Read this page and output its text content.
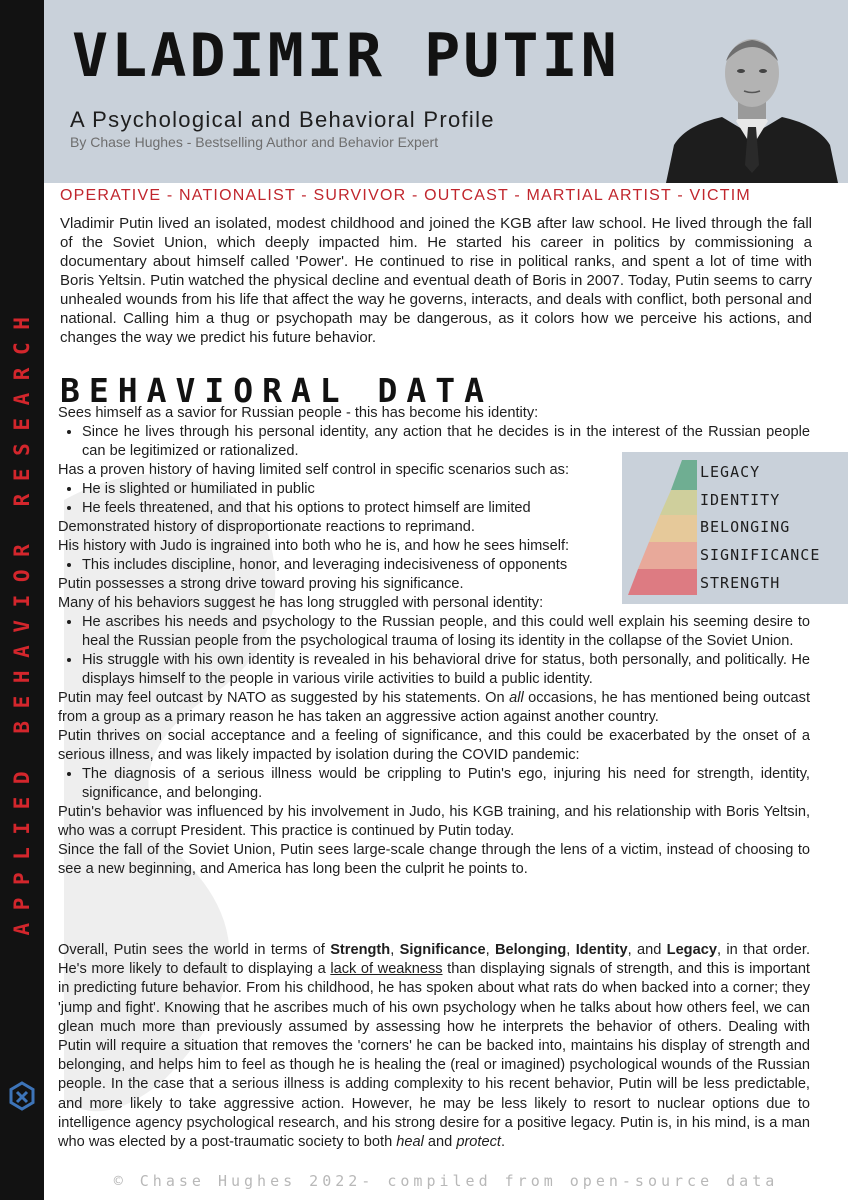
APPLIED BEHAVIOR RESEARCH
VLADIMIR PUTIN
A Psychological and Behavioral Profile
By Chase Hughes - Bestselling Author and Behavior Expert
OPERATIVE - NATIONALIST - SURVIVOR - OUTCAST - MARTIAL ARTIST - VICTIM

Vladimir Putin lived an isolated, modest childhood and joined the KGB after law school. He lived through the fall of the Soviet Union, which deeply impacted him. He started his career in politics by commissioning a documentary about himself called 'Power'. He continued to rise in political ranks, and spent a lot of time with Boris Yeltsin. Putin watched the physical decline and eventual death of Boris in 2007. Today, Putin seems to carry unhealed wounds from his life that affect the way he governs, interacts, and deals with conflict, both personal and national. Calling him a thug or psychopath may be dangerous, as it colors how we perceive his actions, and changes the way we predict his future behavior.

BEHAVIORAL DATA

Sees himself as a savior for Russian people - this has become his identity:

• Since he lives through his personal identity, any action that he decides is in the interest of the Russian people can be legitimized or rationalized.

Has a proven history of having limited self control in specific scenarios such as:

• He is slighted or humiliated in public
• He feels threatened, and that his options to protect himself are limited

Demonstrated history of disproportionate reactions to reprimand.

His history with Judo is ingrained into both who he is, and how he sees himself:

• This includes discipline, honor, and leveraging indecisiveness of opponents

Putin possesses a strong drive toward proving his significance.

Many of his behaviors suggest he has long struggled with personal identity:

• He ascribes his needs and psychology to the Russian people, and this could well explain his seeming desire to heal the Russian people from the psychological trauma of losing its identity in the collapse of the Soviet Union.
• His struggle with his own identity is revealed in his behavioral drive for status, both personally, and politically. He displays himself to the people in various virile activities to build a public identity.

Putin may feel outcast by NATO as suggested by his statements. On all occasions, he has mentioned being outcast from a group as a primary reason he has taken an aggressive action against another country.

Putin thrives on social acceptance and a feeling of significance, and this could be exacerbated by the onset of a serious illness, and was likely impacted by isolation during the COVID pandemic:

• The diagnosis of a serious illness would be crippling to Putin's ego, injuring his need for strength, identity, significance, and belonging.

Putin's behavior was influenced by his involvement in Judo, his KGB training, and his relationship with Boris Yeltsin, who was a corrupt President. This practice is continued by Putin today.

Since the fall of the Soviet Union, Putin sees large-scale change through the lens of a victim, instead of choosing to see a new beginning, and America has long been the culprit he points to.

LEGACY
IDENTITY
BELONGING
SIGNIFICANCE
STRENGTH

Overall, Putin sees the world in terms of Strength, Significance, Belonging, Identity, and Legacy, in that order. He's more likely to default to displaying a lack of weakness than displaying signals of strength, and this is important in predicting future behavior. From his childhood, he has spoken about what rats do when backed into a corner; they 'jump and fight'. Knowing that he ascribes much of his own psychology when he talks about how others feel, we can glean much more than previously assumed by assessing how he interprets the behavior of others. Dealing with Putin will require a situation that removes the 'corners' he can be backed into, maintains his display of strength and belonging, and helps him to feel as though he is healing the (real or imagined) psychological wounds of the Russian people. In the case that a serious illness is adding complexity to his recent behavior, Putin will be less predictable, and more likely to take aggressive action. However, he may be less likely to resort to nuclear options due to intelligence agency psychological research, and his strong desire for a positive legacy. Putin is, in his mind, is a man who was elected by a post-traumatic society to both heal and protect.

© Chase Hughes 2022- compiled from open-source data
